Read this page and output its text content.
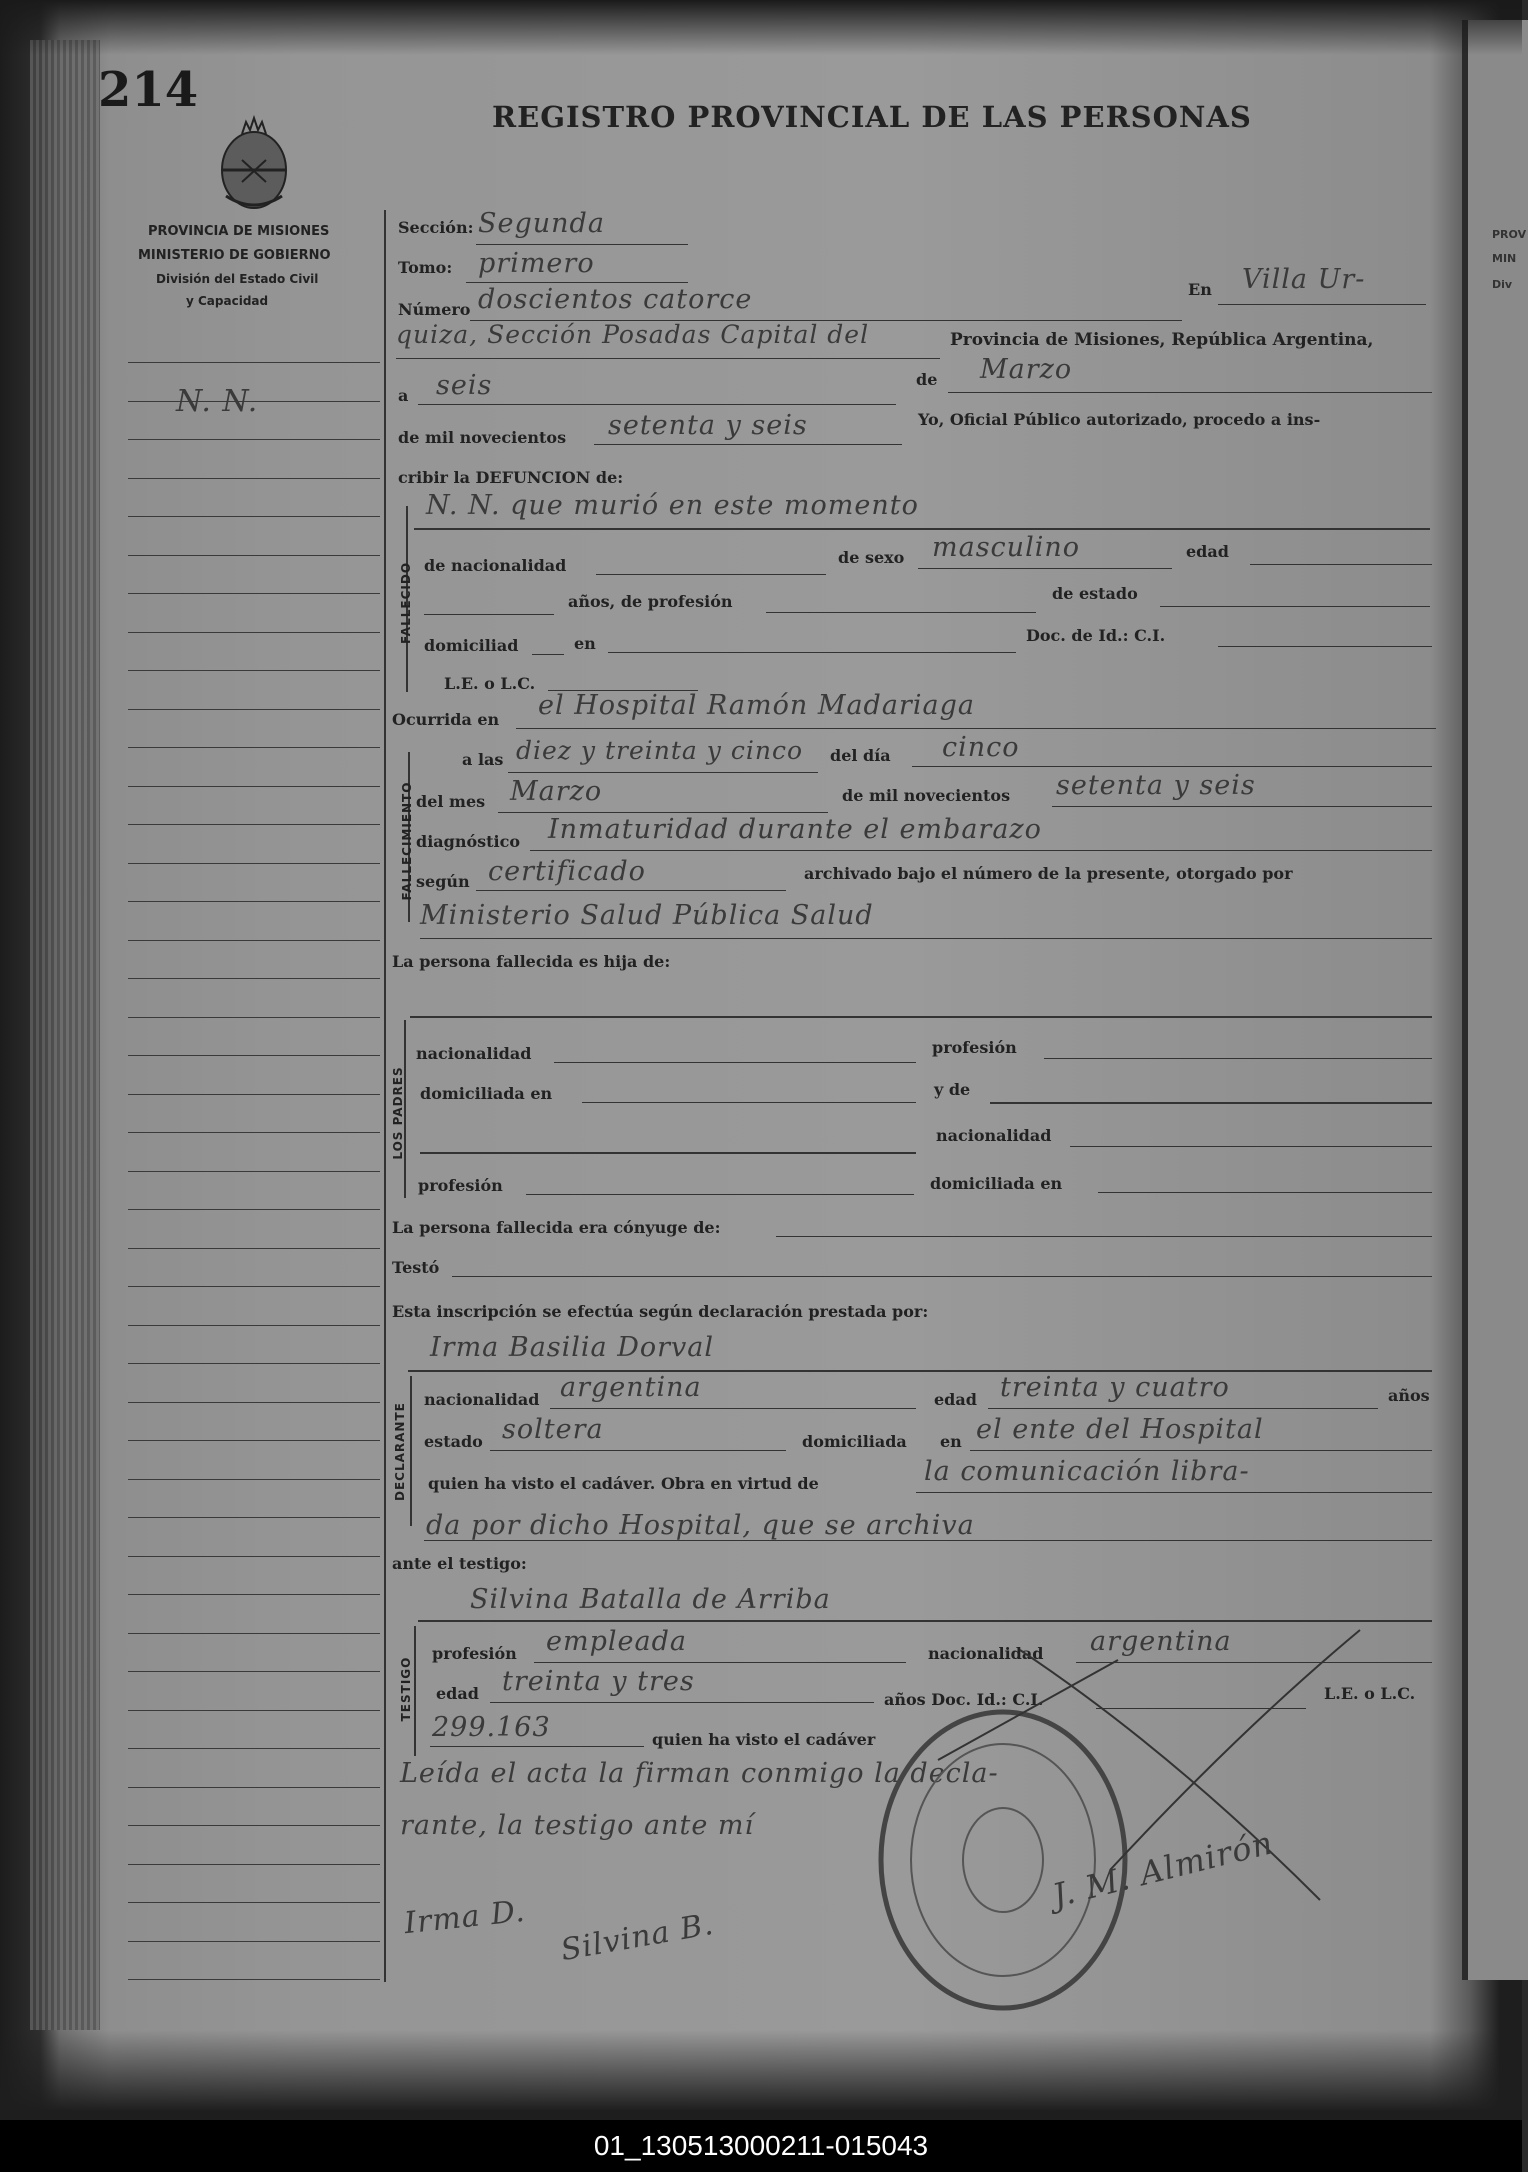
PROV
MIN
Div
214	REGISTRO PROVINCIAL DE LAS PERSONAS
PROVINCIA DE MISIONES
MINISTERIO DE GOBIERNO
División del Estado Civil
y Capacidad
N. N.
Sección: Segunda
Tomo: primero
Número doscientos catorce	En Villa Ur-
quiza, Sección Posadas Capital del	Provincia de Misiones, República Argentina,
a seis	de Marzo
de mil novecientos setenta y seis	Yo, Oficial Público autorizado, procedo a ins-
cribir la DEFUNCION de:
FALLECIDO
N. N. que murió en este momento
de nacionalidad	de sexo masculino	edad
años, de profesión	de estado
domiciliad	en	Doc. de Id.: C.I.
L.E. o L.C.
Ocurrida en el Hospital Ramón Madariaga
FALLECIMIENTO
a las diez y treinta y cinco del día cinco
del mes Marzo	de mil novecientos setenta y seis
diagnóstico Inmaturidad durante el embarazo
según certificado	archivado bajo el número de la presente, otorgado por
Ministerio Salud Pública Salud
La persona fallecida es hija de:
LOS PADRES
nacionalidad	profesión
domiciliada en	y de
nacionalidad
profesión	domiciliada en
La persona fallecida era cónyuge de:
Testó
Esta inscripción se efectúa según declaración prestada por:
Irma Basilia Dorval
DECLARANTE
nacionalidad argentina	edad treinta y cuatro	años
estado soltera	domiciliada en el ente del Hospital
quien ha visto el cadáver. Obra en virtud de	la comunicación libra-
da por dicho Hospital, que se archiva
ante el testigo:
Silvina Batalla de Arriba
TESTIGO
profesión empleada	nacionalidad argentina
edad treinta y tres
años Doc. Id.: C.I.	L.E. o L.C.
299.163	quien ha visto el cadáver
Leída el acta la firman conmigo la decla-
rante, la testigo ante mí
Irma D. Silvina B.
J. M. Almirón
01_130513000211-015043
